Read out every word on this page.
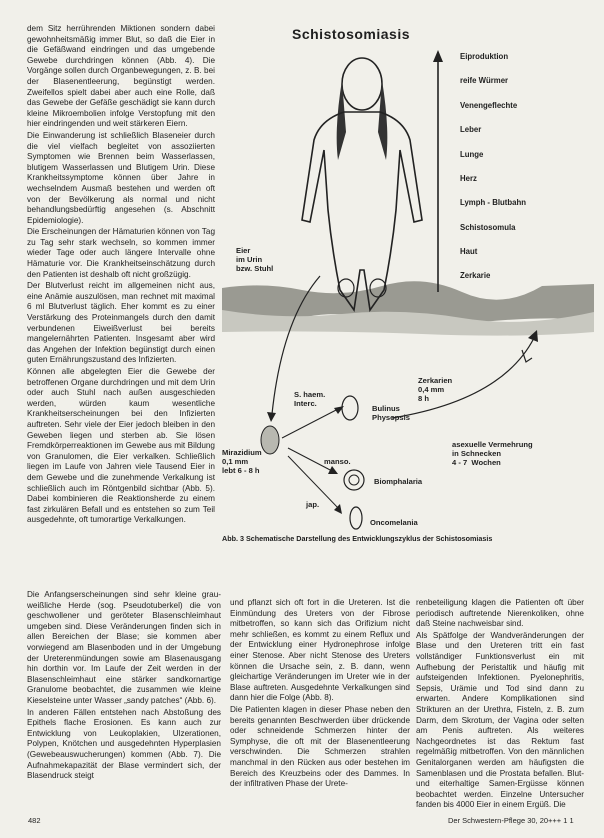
dem Sitz herrührenden Miktionen sondern dabei gewohnheitsmäßig immer Blut, so daß die Eier in die Gefäßwand eindringen und das umgebende Gewebe durchdringen können (Abb. 4). Die Vorgänge sollen durch Organbewegungen, z. B. bei der Blasenentleerung, begünstigt werden. Zweifellos spielt dabei aber auch eine Rolle, daß das Gewebe der Gefäße geschädigt sie kann durch kleine Mikroembolien infolge Verstopfung mit den hier eindringenden und weit stärkeren Eiern.

Die Einwanderung ist schließlich Blaseneier durch die viel vielfach begleitet von assoziierten Symptomen wie Brennen beim Wasserlassen, blutigem Wasserlassen und Blutigem Urin. Diese Krankheitssymptome können über Jahre in wechselndem Ausmaß bestehen und werden oft von der Bevölkerung als normal und nicht behandlungsbedürftig angesehen (s. Abschnitt Epidemiologie).

Die Erscheinungen der Hämaturien können von Tag zu Tag sehr stark wechseln, so kommen immer wieder Tage oder auch längere Intervalle ohne Hämaturie vor. Die Krankheitseinschätzung durch den Patienten ist deshalb oft nicht großzügig.

Der Blutverlust reicht im allgemeinen nicht aus, eine Anämie auszulösen, man rechnet mit maximal 6 ml Blutverlust täglich. Eher kommt es zu einer Verstärkung des Proteinmangels durch den damit verbundenen Eiweißverlust bei bereits mangelernährten Patienten. Insgesamt aber wird das Angehen der Infektion begünstigt durch einen guten Ernährungszustand des Infizierten.

Können alle abgelegten Eier die Gewebe der betroffenen Organe durchdringen und mit dem Urin oder auch Stuhl nach außen ausgeschieden werden, würden kaum wesentliche Krankheitserscheinungen bei den Infizierten auftreten. Sehr viele der Eier jedoch bleiben in den Geweben liegen und sterben ab. Sie lösen Fremdkörperreaktionen im Gewebe aus mit Bildung von Granulomen, die Eier verkalken. Schließlich liegen im Laufe von Jahren viele Tausend Eier in dem Gewebe und die zunehmende Verkalkung ist schließlich auch im Röntgenbild sichtbar (Abb. 5). Dabei kombinieren die Reaktionsherde zu einem fast zirkulären Befall und es entstehen so zum Teil ausgedehnte, oft tumorartige Verkalkungen.

Schistosomiasis
Eiproduktion
reife Würmer
Venengeflechte
Leber
Lunge
Herz
Lymph - Blutbahn
Schistosomula
Haut
Zerkarie
Eier
im Urin
bzw. Stuhl
S. haem.
Interc.
Mirazidium
0,1 mm
lebt 6 - 8 h
Bulinus
Physopsis
manso.
Biomphalaria
jap.
Oncomelania
Zerkarien
0,4 mm
8 h
asexuelle Vermehrung
in Schnecken
4 - 7  Wochen
Abb. 3 Schematische Darstellung des Entwicklungszyklus der Schistosomiasis

Die Anfangserscheinungen sind sehr kleine grau-weißliche Herde (sog. Pseudotuberkel) die von geschwollener und geröteter Blasenschleimhaut umgeben sind. Diese Veränderungen finden sich in allen Bereichen der Blase; sie kommen aber vorwiegend am Blasenboden und in der Umgebung der Ureterenmündungen sowie am Blasenausgang hin dorthin vor. Im Laufe der Zeit werden in der Blasenschleimhaut eine stärker sandkornartige Granulome beobachtet, die zusammen wie kleine Kieselsteine unter Wasser „sandy patches“ (Abb. 6).

In anderen Fällen entstehen nach Abstoßung des Epithels flache Erosionen. Es kann auch zur Entwicklung von Leukoplakien, Ulzerationen, Polypen, Knötchen und ausgedehnten Hyperplasien (Gewebeauswucherungen) kommen (Abb. 7). Die Aufnahmekapazität der Blase vermindert sich, der Blasendruck steigt

und pflanzt sich oft fort in die Ureteren. Ist die Einmündung des Ureters von der Fibrose mitbetroffen, so kann sich das Orifizium nicht mehr schließen, es kommt zu einem Reflux und der Entwicklung einer Hydronephrose infolge einer Stenose. Aber nicht Stenose des Ureters können die Ursache sein, z. B. dann, wenn gleichartige Veränderungen im Ureter wie in der Blase auftreten. Ausgedehnte Verkalkungen sind dann hier die Folge (Abb. 8).

Die Patienten klagen in dieser Phase neben den bereits genannten Beschwerden über drückende oder schneidende Schmerzen hinter der Symphyse, die oft mit der Blasenentleerung verschwinden. Die Schmerzen strahlen manchmal in den Rücken aus oder bestehen im Bereich des Kreuzbeins oder des Dammes. In der infiltrativen Phase der Urete-

renbeteiligung klagen die Patienten oft über periodisch auftretende Nierenkoliken, ohne daß Steine nachweisbar sind.

Als Spätfolge der Wandveränderungen der Blase und den Ureteren tritt ein fast vollständiger Funktionsverlust ein mit Aufhebung der Peristaltik und häufig mit aufsteigenden Infektionen. Pyelonephritis, Sepsis, Urämie und Tod sind dann zu erwarten. Andere Komplikationen sind Strikturen an der Urethra, Fisteln, z. B. zum Darm, dem Skrotum, der Vagina oder selten am Penis auftreten. Als weiteres Nachgeordnetes ist das Rektum fast regelmäßig mitbetroffen. Von den männlichen Genitalorganen werden am häufigsten die Samenblasen und die Prostata befallen. Blut- und eiterhaltige Samen-Ergüsse können beobachtet werden. Einzelne Untersucher fanden bis 4000 Eier in einem Ergüß. Die

482	Der Schwestern-Pflege 30, 20+++ 1 1
